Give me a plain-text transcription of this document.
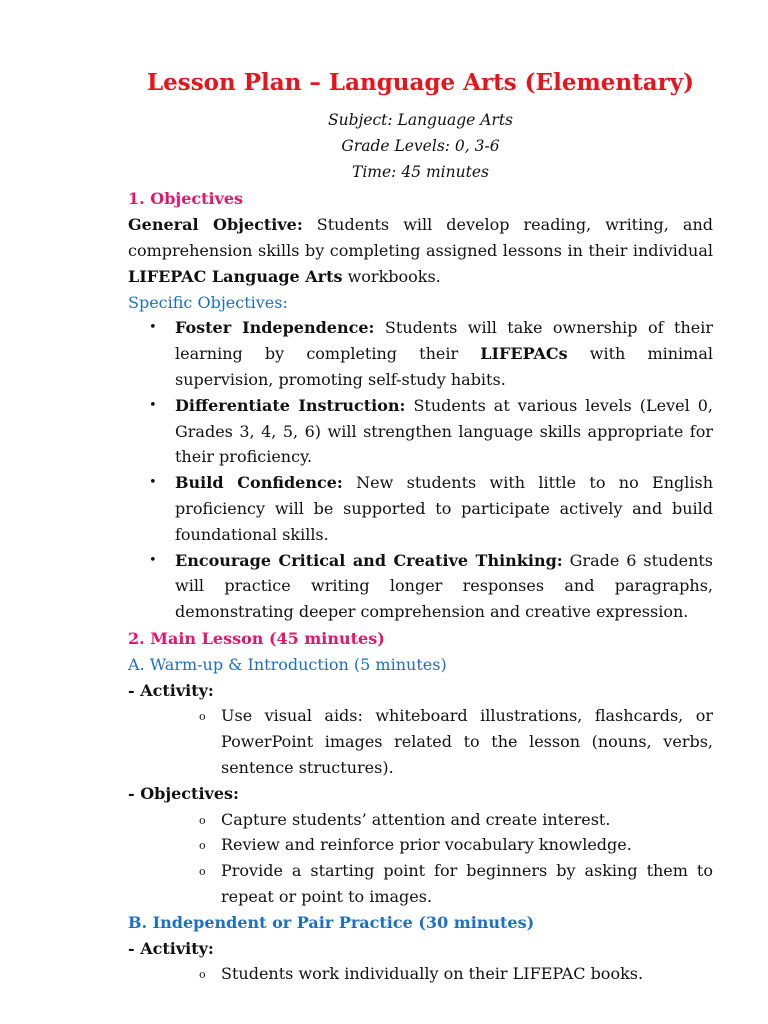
Lesson Plan – Language Arts (Elementary)

Subject: Language Arts

Grade Levels: 0, 3-6

Time: 45 minutes

1. Objectives

General Objective: Students will develop reading, writing, and comprehension skills by completing assigned lessons in their individual LIFEPAC Language Arts workbooks.

Specific Objectives:

• Foster Independence: Students will take ownership of their learning by completing their LIFEPACs with minimal supervision, promoting self-study habits.
• Differentiate Instruction: Students at various levels (Level 0, Grades 3, 4, 5, 6) will strengthen language skills appropriate for their proficiency.
• Build Confidence: New students with little to no English proficiency will be supported to participate actively and build foundational skills.
• Encourage Critical and Creative Thinking: Grade 6 students will practice writing longer responses and paragraphs, demonstrating deeper comprehension and creative expression.

2. Main Lesson (45 minutes)

A. Warm-up & Introduction (5 minutes)

- Activity:

o Use visual aids: whiteboard illustrations, flashcards, or PowerPoint images related to the lesson (nouns, verbs, sentence structures).

- Objectives:

o Capture students’ attention and create interest.
o Review and reinforce prior vocabulary knowledge.
o Provide a starting point for beginners by asking them to repeat or point to images.

B. Independent or Pair Practice (30 minutes)

- Activity:

o Students work individually on their LIFEPAC books.
